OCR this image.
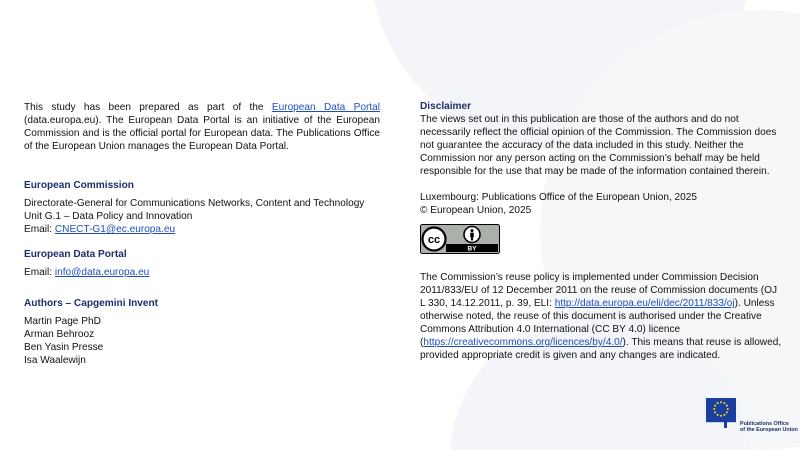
This study has been prepared as part of the European Data Portal (data.europa.eu). The European Data Portal is an initiative of the European Commission and is the official portal for European data. The Publications Office of the European Union manages the European Data Portal.

European Commission

Directorate-General for Communications Networks, Content and Technology

Unit G.1 – Data Policy and Innovation

Email: CNECT-G1@ec.europa.eu

European Data Portal

Email: info@data.europa.eu

Authors – Capgemini Invent

Martin Page PhD

Arman Behrooz

Ben Yasin Presse

Isa Waalewijn

Disclaimer

The views set out in this publication are those of the authors and do not necessarily reflect the official opinion of the Commission. The Commission does not guarantee the accuracy of the data included in this study. Neither the Commission nor any person acting on the Commission’s behalf may be held responsible for the use that may be made of the information contained therein.

Luxembourg: Publications Office of the European Union, 2025

© European Union, 2025

cc
BY

The Commission’s reuse policy is implemented under Commission Decision 2011/833/EU of 12 December 2011 on the reuse of Commission documents (OJ L 330, 14.12.2011, p. 39, ELI: http://data.europa.eu/eli/dec/2011/833/oj). Unless otherwise noted, the reuse of this document is authorised under the Creative Commons Attribution 4.0 International (CC BY 4.0) licence (https://creativecommons.org/licences/by/4.0/). This means that reuse is allowed, provided appropriate credit is given and any changes are indicated.

Publications Office
of the European Union
